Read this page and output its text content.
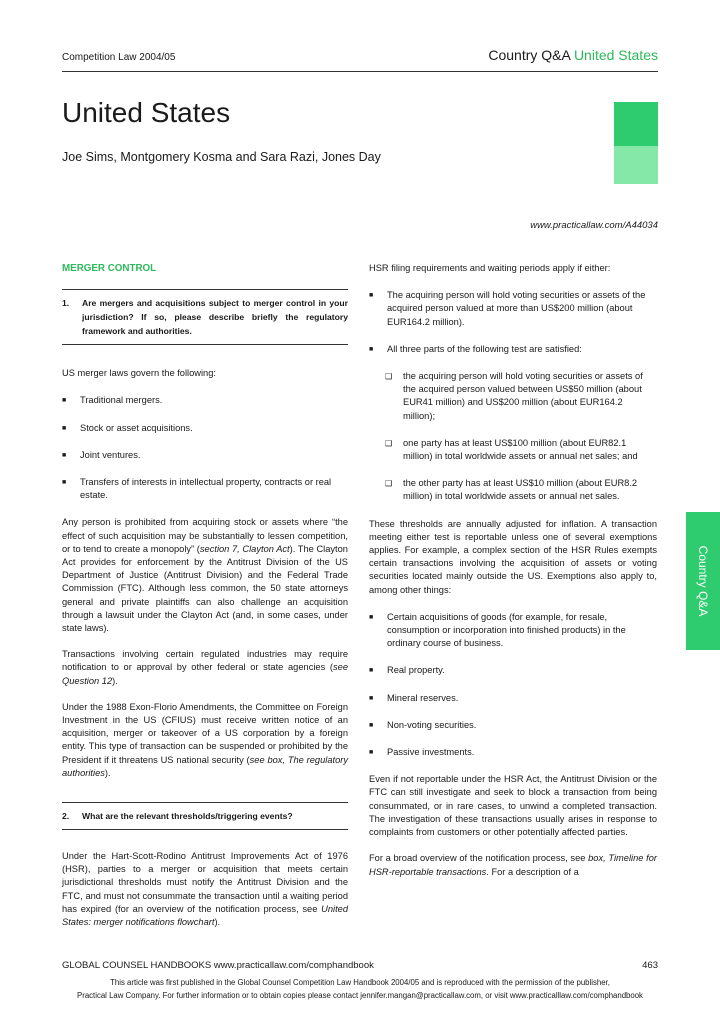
Competition Law 2004/05	Country Q&A United States
United States
Joe Sims, Montgomery Kosma and Sara Razi, Jones Day
www.practicallaw.com/A44034
MERGER CONTROL
1.	Are mergers and acquisitions subject to merger control in your jurisdiction? If so, please describe briefly the regulatory framework and authorities.
US merger laws govern the following:
■	Traditional mergers.
■	Stock or asset acquisitions.
■	Joint ventures.
■	Transfers of interests in intellectual property, contracts or real estate.
Any person is prohibited from acquiring stock or assets where “the effect of such acquisition may be substantially to lessen competition, or to tend to create a monopoly” (section 7, Clayton Act). The Clayton Act provides for enforcement by the Antitrust Division of the US Department of Justice (Antitrust Division) and the Federal Trade Commission (FTC). Although less common, the 50 state attorneys general and private plaintiffs can also challenge an acquisition through a lawsuit under the Clayton Act (and, in some cases, under state laws).
Transactions involving certain regulated industries may require notification to or approval by other federal or state agencies (see Question 12).
Under the 1988 Exon-Florio Amendments, the Committee on Foreign Investment in the US (CFIUS) must receive written notice of an acquisition, merger or takeover of a US corporation by a foreign entity. This type of transaction can be suspended or prohibited by the President if it threatens US national security (see box, The regulatory authorities).
2.	What are the relevant thresholds/triggering events?
Under the Hart-Scott-Rodino Antitrust Improvements Act of 1976 (HSR), parties to a merger or acquisition that meets certain jurisdictional thresholds must notify the Antitrust Division and the FTC, and must not consummate the transaction until a waiting period has expired (for an overview of the notification process, see United States: merger notifications flowchart).
HSR filing requirements and waiting periods apply if either:
■	The acquiring person will hold voting securities or assets of the acquired person valued at more than US$200 million (about EUR164.2 million).
■	All three parts of the following test are satisfied:
❑	the acquiring person will hold voting securities or assets of the acquired person valued between US$50 million (about EUR41 million) and US$200 million (about EUR164.2 million);
❑	one party has at least US$100 million (about EUR82.1 million) in total worldwide assets or annual net sales; and
❑	the other party has at least US$10 million (about EUR8.2 million) in total worldwide assets or annual net sales.
These thresholds are annually adjusted for inflation. A transaction meeting either test is reportable unless one of several exemptions applies. For example, a complex section of the HSR Rules exempts certain transactions involving the acquisition of assets or voting securities located mainly outside the US. Exemptions also apply to, among other things:
■	Certain acquisitions of goods (for example, for resale, consumption or incorporation into finished products) in the ordinary course of business.
■	Real property.
■	Mineral reserves.
■	Non-voting securities.
■	Passive investments.
Even if not reportable under the HSR Act, the Antitrust Division or the FTC can still investigate and seek to block a transaction from being consummated, or in rare cases, to unwind a completed transaction. The investigation of these transactions usually arises in response to complaints from customers or other potentially affected parties.
For a broad overview of the notification process, see box, Timeline for HSR-reportable transactions. For a description of a
Country Q&A
GLOBAL COUNSEL HANDBOOKS www.practicallaw.com/comphandbook	463
This article was first published in the Global Counsel Competition Law Handbook 2004/05 and is reproduced with the permission of the publisher,
Practical Law Company. For further information or to obtain copies please contact jennifer.mangan@practicallaw.com, or visit www.practicalllaw.com/comphandbook
